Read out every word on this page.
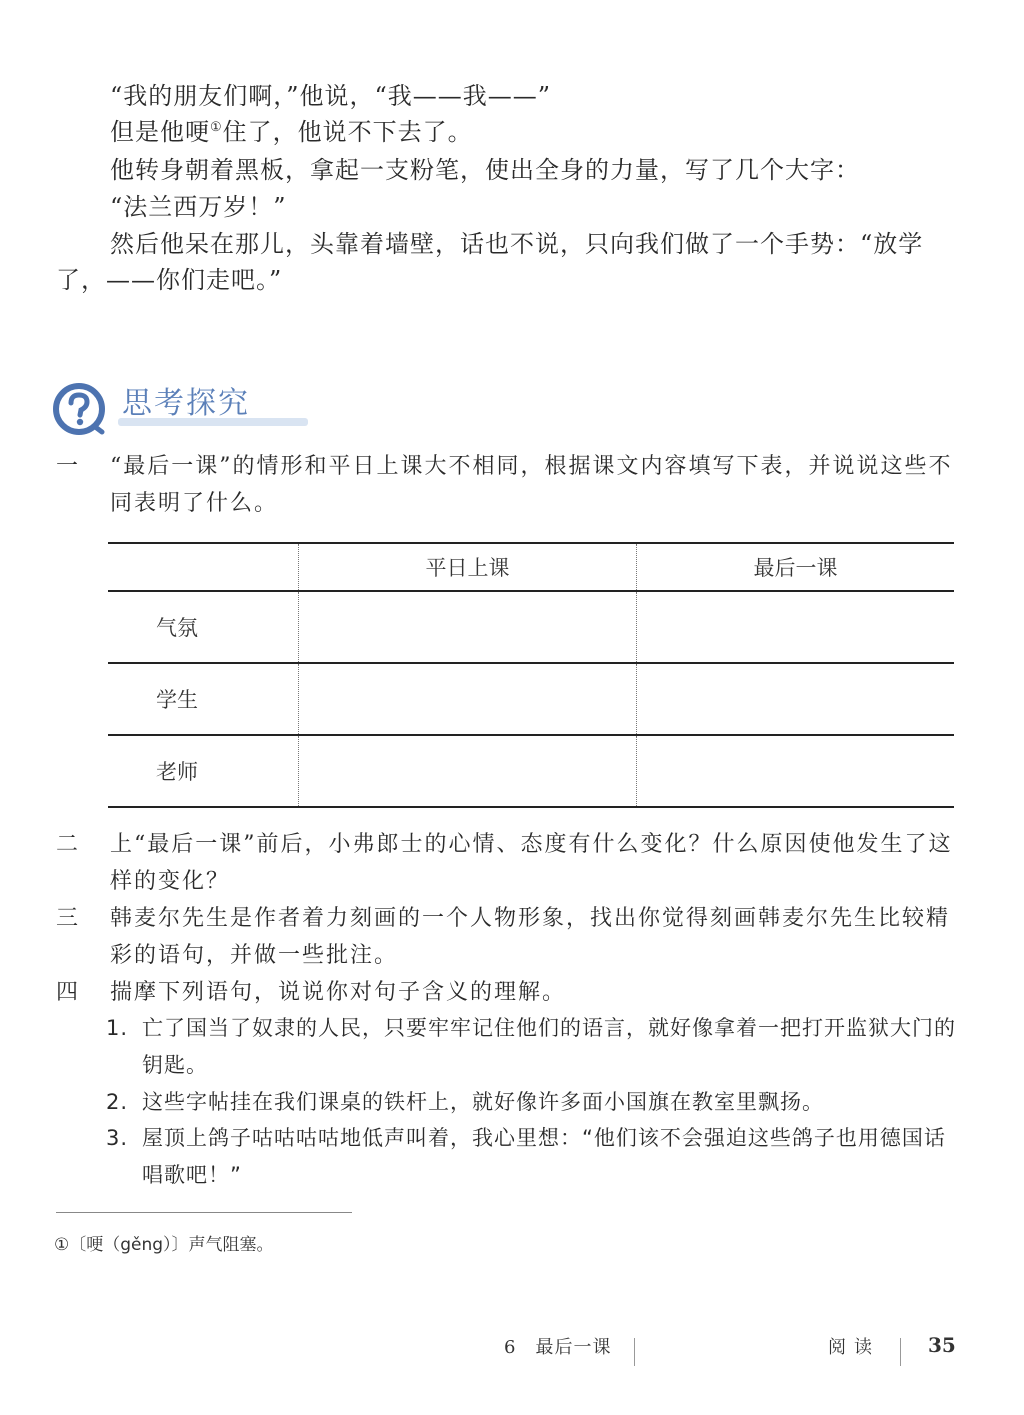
“我的朋友们啊，”他说，“我——我——”

但是他哽①住了，他说不下去了。

他转身朝着黑板，拿起一支粉笔，使出全身的力量，写了几个大字：

“法兰西万岁！”

然后他呆在那儿，头靠着墙壁，话也不说，只向我们做了一个手势：“放学了，——你们走吧。”

思考探究
一	“最后一课”的情形和平日上课大不相同，根据课文内容填写下表，并说说这些不同表明了什么。
	平日上课	最后一课
气氛		
学生		
老师		
二	上“最后一课”前后，小弗郎士的心情、态度有什么变化？什么原因使他发生了这样的变化？
三	韩麦尔先生是作者着力刻画的一个人物形象，找出你觉得刻画韩麦尔先生比较精彩的语句，并做一些批注。
四	揣摩下列语句，说说你对句子含义的理解。
1. 亡了国当了奴隶的人民，只要牢牢记住他们的语言，就好像拿着一把打开监狱大门的钥匙。
2. 这些字帖挂在我们课桌的铁杆上，就好像许多面小国旗在教室里飘扬。
3. 屋顶上鸽子咕咕咕咕地低声叫着，我心里想：“他们该不会强迫这些鸽子也用德国话唱歌吧！”
①〔哽（gěng）〕声气阻塞。
6　最后一课	阅读 35
